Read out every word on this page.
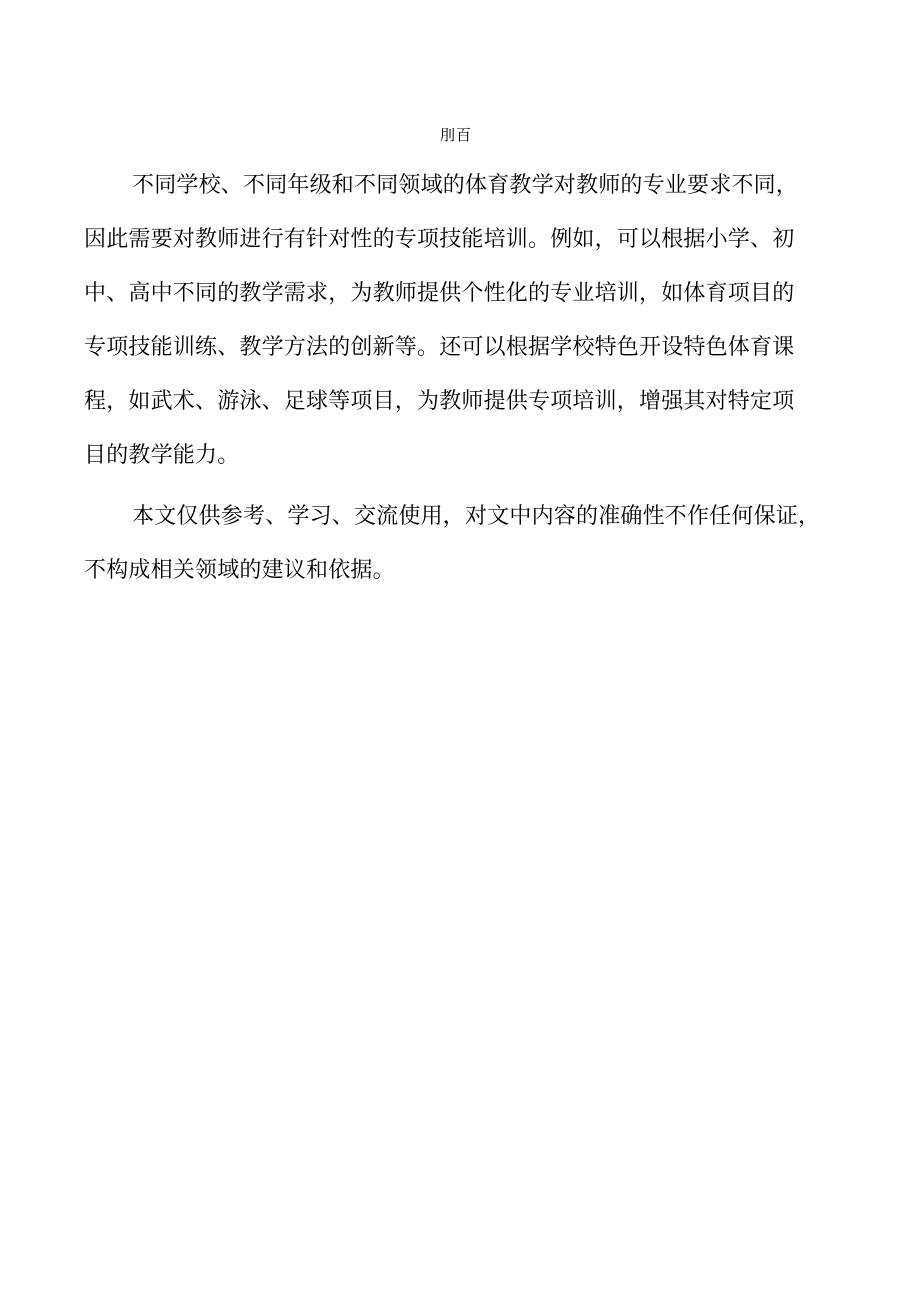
刖百
不同学校、不同年级和不同领域的体育教学对教师的专业要求不同，
因此需要对教师进行有针对性的专项技能培训。例如，可以根据小学、初
中、高中不同的教学需求，为教师提供个性化的专业培训，如体育项目的
专项技能训练、教学方法的创新等。还可以根据学校特色开设特色体育课
程，如武术、游泳、足球等项目，为教师提供专项培训，增强其对特定项
目的教学能力。
本文仅供参考、学习、交流使用，对文中内容的准确性不作任何保证，
不构成相关领域的建议和依据。
